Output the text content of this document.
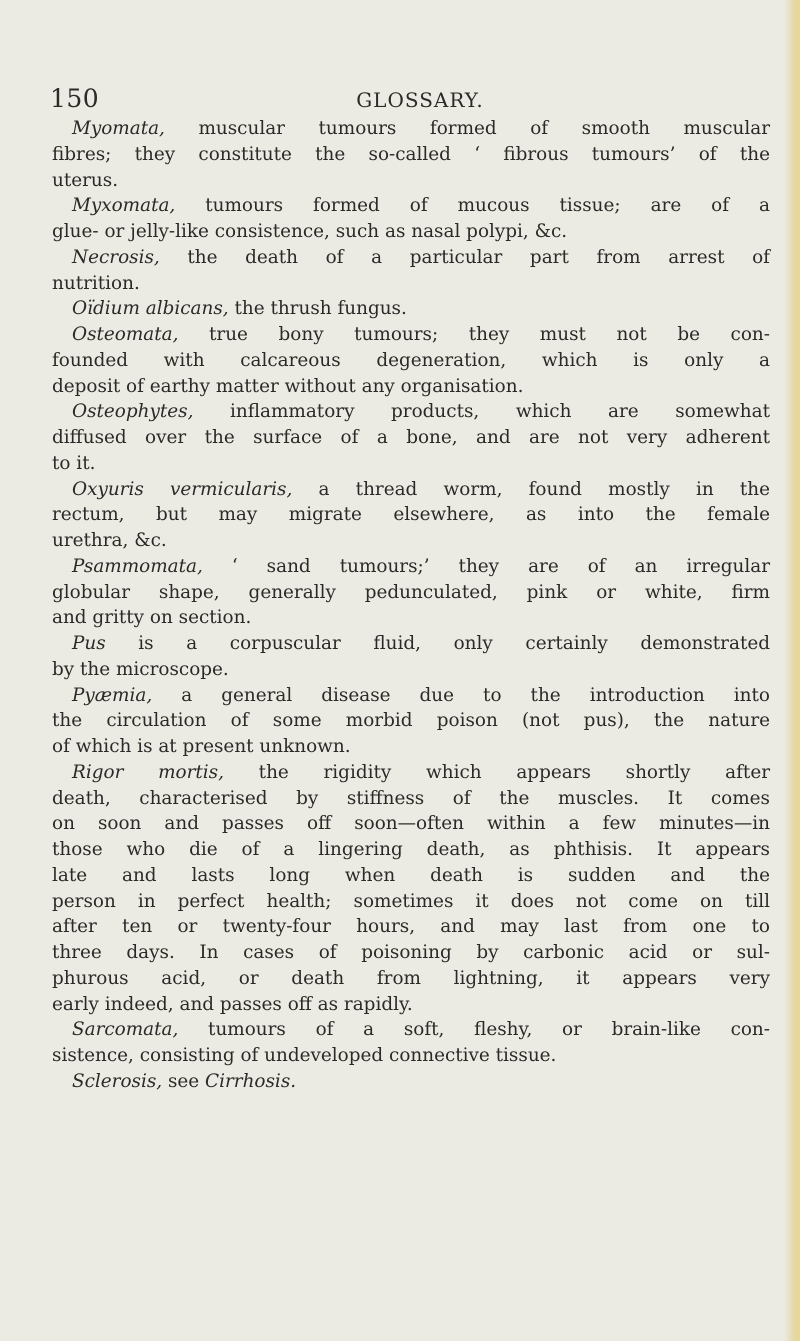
150	GLOSSARY.
Myomata, muscular tumours formed of smooth muscular
fibres; they constitute the so-called ‘ fibrous tumours’ of the
uterus.
Myxomata, tumours formed of mucous tissue; are of a
glue- or jelly-like consistence, such as nasal polypi, &c.
Necrosis, the death of a particular part from arrest of
nutrition.
Oïdium albicans, the thrush fungus.
Osteomata, true bony tumours; they must not be con-
founded with calcareous degeneration, which is only a
deposit of earthy matter without any organisation.
Osteophytes, inflammatory products, which are somewhat
diffused over the surface of a bone, and are not very adherent
to it.
Oxyuris vermicularis, a thread worm, found mostly in the
rectum, but may migrate elsewhere, as into the female
urethra, &c.
Psammomata, ‘ sand tumours;’ they are of an irregular
globular shape, generally pedunculated, pink or white, firm
and gritty on section.
Pus is a corpuscular fluid, only certainly demonstrated
by the microscope.
Pyæmia, a general disease due to the introduction into
the circulation of some morbid poison (not pus), the nature
of which is at present unknown.
Rigor mortis, the rigidity which appears shortly after
death, characterised by stiffness of the muscles. It comes
on soon and passes off soon—often within a few minutes—in
those who die of a lingering death, as phthisis. It appears
late and lasts long when death is sudden and the
person in perfect health; sometimes it does not come on till
after ten or twenty-four hours, and may last from one to
three days. In cases of poisoning by carbonic acid or sul-
phurous acid, or death from lightning, it appears very
early indeed, and passes off as rapidly.
Sarcomata, tumours of a soft, fleshy, or brain-like con-
sistence, consisting of undeveloped connective tissue.
Sclerosis, see Cirrhosis.
